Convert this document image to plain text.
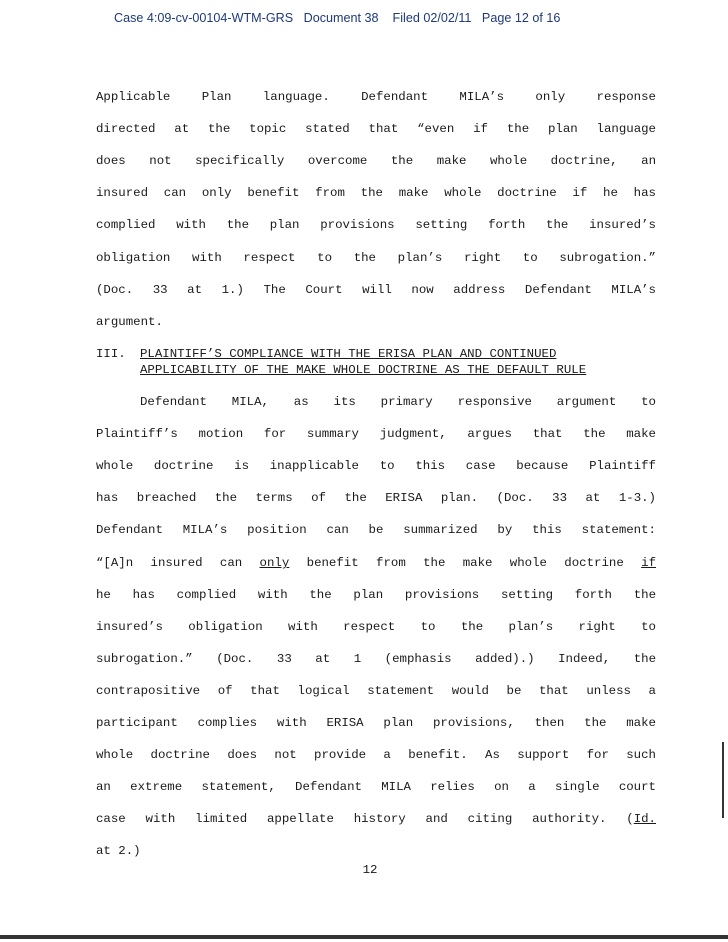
Case 4:09-cv-00104-WTM-GRS   Document 38    Filed 02/02/11   Page 12 of 16
Applicable Plan language. Defendant MILA’s only response
directed at the topic stated that “even if the plan language
does not specifically overcome the make whole doctrine, an
insured can only benefit from the make whole doctrine if he has
complied with the plan provisions setting forth the insured’s
obligation with respect to the plan’s right to subrogation.”
(Doc. 33 at 1.) The Court will now address Defendant MILA’s
argument.
III. PLAINTIFF’S COMPLIANCE WITH THE ERISA PLAN AND CONTINUED
APPLICABILITY OF THE MAKE WHOLE DOCTRINE AS THE DEFAULT RULE
Defendant MILA, as its primary responsive argument to
Plaintiff’s motion for summary judgment, argues that the make
whole doctrine is inapplicable to this case because Plaintiff
has breached the terms of the ERISA plan. (Doc. 33 at 1-3.)
Defendant MILA’s position can be summarized by this statement:
“[A]n insured can only benefit from the make whole doctrine if
he has complied with the plan provisions setting forth the
insured’s obligation with respect to the plan’s right to
subrogation.” (Doc. 33 at 1 (emphasis added).) Indeed, the
contrapositive of that logical statement would be that unless a
participant complies with ERISA plan provisions, then the make
whole doctrine does not provide a benefit. As support for such
an extreme statement, Defendant MILA relies on a single court
case with limited appellate history and citing authority. (Id.
at 2.)
12
